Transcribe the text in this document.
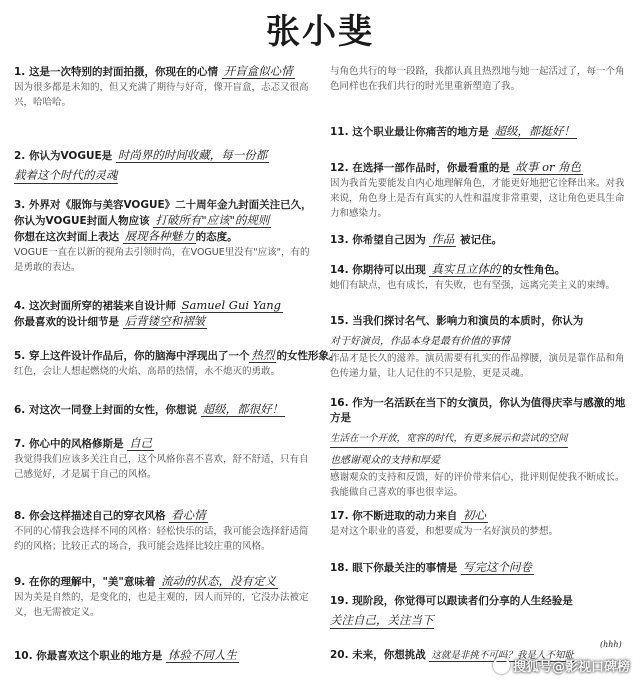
张小斐
1. 这是一次特别的封面拍摄，你现在的心情 开盲盒似心情
因为很多都是未知的，但又充满了期待与好奇，像开盲盒，忐忑又很高兴，哈哈哈。
2. 你认为VOGUE是 时尚界的时间收藏，每一份都
载着这个时代的灵魂
3. 外界对《服饰与美容VOGUE》二十周年金九封面关注已久，你认为VOGUE封面人物应该 打破所有"应该"的规则
你想在这次封面上表达 展现各种魅力 的态度。
VOGUE一直在以新的视角去引领时尚，在VOGUE里没有"应该"，有的是勇敢的表达。
4. 这次封面所穿的裙装来自设计师 Samuel Gui Yang
你最喜欢的设计细节是 后背镂空和褶皱
5. 穿上这件设计作品后，你的脑海中浮现出了一个 热烈 的女性形象。
红色，会让人想起燃烧的火焰、高昂的热情，永不熄灭的勇敢。
6. 对这次一同登上封面的女性，你想说 超级，都很好！
7. 你心中的风格修斯是 自己
我觉得我们应该多关注自己，这个风格你喜不喜欢，舒不舒适，只有自己感觉好，才是属于自己的风格。
8. 你会这样描述自己的穿衣风格 看心情
不同的心情我会选择不同的风格：轻松快乐的话，我可能会选择舒适简约的风格；比较正式的场合，我可能会选择比较庄重的风格。
9. 在你的理解中，"美"意味着 流动的状态，没有定义
因为美是自然的，是变化的，也是主观的，因人而异的，它没办法被定义，也无需被定义。
10. 你最喜欢这个职业的地方是 体验不同人生
与角色共行的每一段路，我都认真且热烈地与她一起活过了，每一个角色同样也在我们共行的时光里重新塑造了我。
11. 这个职业最让你痛苦的地方是 超级，都挺好！
12. 在选择一部作品时，你最看重的是 故事 or 角色
因为我首先要能发自内心地理解角色，才能更好地把它诠释出来。对我来说，角色身上是否有真实的人性和温度非常重要，这让角色更具生命力和感染力。
13. 你希望自己因为 作品 被记住。
14. 你期待可以出现 真实且立体的 的女性角色。
她们有缺点，也有成长，有失败，也有坚强，远离完美主义的束缚。
15. 当我们探讨名气、影响力和演员的本质时，你认为
对于好演员，作品本身是最有价值的事情
作品才是长久的滋养。演员需要有扎实的作品撑腰，演员是靠作品和角色传递力量，让人记住的不只是脸，更是灵魂。
16. 作为一名活跃在当下的女演员，你认为值得庆幸与感激的地方是
生活在一个开放，宽容的时代，有更多展示和尝试的空间
也感谢观众的支持和厚爱
感谢观众的支持和反馈，好的评价带来信心，批评则促使我不断成长。我能做自己喜欢的事也很幸运。
17. 你不断进取的动力来自 初心
是对这个职业的喜爱，和想要成为一名好演员的梦想。
18. 眼下你最关注的事情是 写完这个问卷
19. 现阶段，你觉得可以跟读者们分享的人生经验是
关注自己，关注当下
20. 未来，你想挑战 这就是非挑不可吗？我是人不知耻
(hhh)
搜狐号@影视口碑榜
